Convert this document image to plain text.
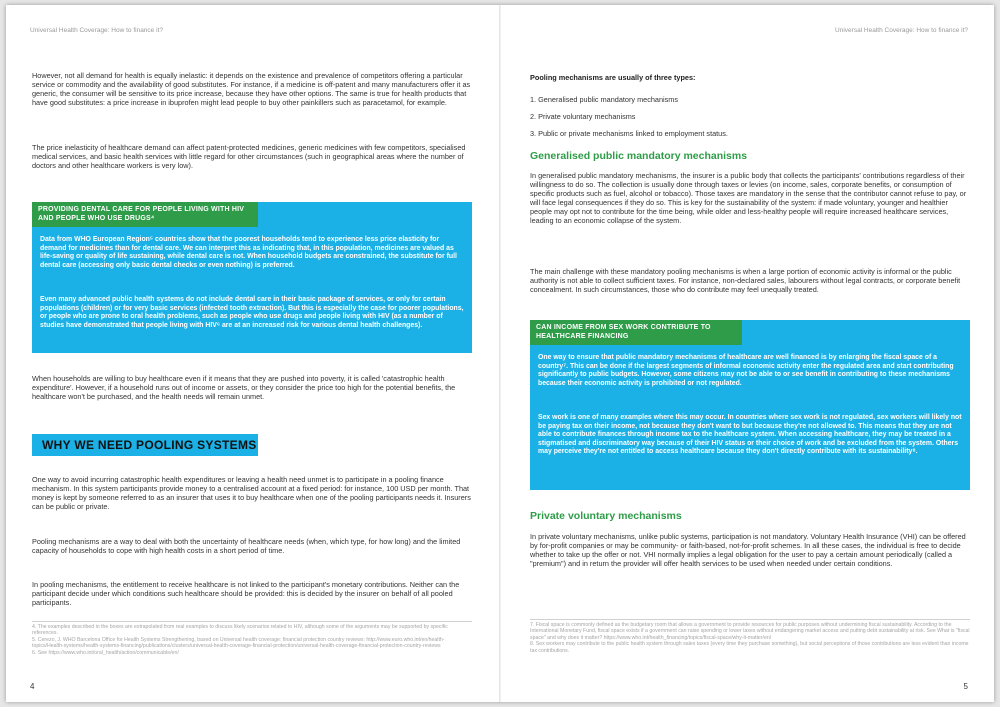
Universal Health Coverage: How to finance it?

However, not all demand for health is equally inelastic: it depends on the existence and prevalence of competitors offering a particular service or commodity and the availability of good substitutes. For instance, if a medicine is off-patent and many manufacturers offer it as generic, the consumer will be sensitive to its price increase, because they have other options. The same is true for health products that have good substitutes: a price increase in ibuprofen might lead people to buy other painkillers such as paracetamol, for example.

The price inelasticity of healthcare demand can affect patent-protected medicines, generic medicines with few competitors, specialised medical services, and basic health services with little regard for other circumstances (such in geographical areas where the number of doctors and other healthcare workers is very low).

PROVIDING DENTAL CARE FOR PEOPLE LIVING WITH HIV AND PEOPLE WHO USE DRUGS⁴

Data from WHO European Region⁵ countries show that the poorest households tend to experience less price elasticity for demand for medicines than for dental care. We can interpret this as indicating that, in this population, medicines are valued as life-saving or quality of life sustaining, while dental care is not. When household budgets are constrained, the substitute for full dental care (accessing only basic dental checks or even nothing) is preferred.

Even many advanced public health systems do not include dental care in their basic package of services, or only for certain populations (children) or for very basic services (infected tooth extraction). But this is especially the case for poorer populations, or people who are prone to oral health problems, such as people who use drugs and people living with HIV (as a number of studies have demonstrated that people living with HIV⁶ are at an increased risk for various dental health challenges).

When households are willing to buy healthcare even if it means that they are pushed into poverty, it is called 'catastrophic health expenditure'. However, if a household runs out of income or assets, or they consider the price too high for the potential benefits, the healthcare won't be purchased, and the health needs will remain unmet.

WHY WE NEED POOLING SYSTEMS

One way to avoid incurring catastrophic health expenditures or leaving a health need unmet is to participate in a pooling finance mechanism. In this system participants provide money to a centralised account at a fixed period: for instance, 100 USD per month. That money is kept by someone referred to as an insurer that uses it to buy healthcare when one of the pooling participants needs it. Insurers can be public or private.

Pooling mechanisms are a way to deal with both the uncertainty of healthcare needs (when, which type, for how long) and the limited capacity of households to cope with high health costs in a short period of time.

In pooling mechanisms, the entitlement to receive healthcare is not linked to the participant's monetary contributions. Neither can the participant decide under which conditions such healthcare should be provided: this is decided by the insurer on behalf of all pooled participants.

4. The examples described in the boxes are extrapolated from real examples to discuss likely scenarios related to HIV, although some of the arguments may be supported by specific references.
5. Cerezo, J. WHO Barcelona Office for Health Systems Strengthening, based on Universal health coverage: financial protection country reviews: http://www.euro.who.int/en/health-topics/Health-systems/health-systems-financing/publications/clusters/universal-health-coverage-financial-protection/universal-health-coverage-financial-protection-country-reviews
6. See https://www.who.int/oral_health/action/communicable/en/

4
Universal Health Coverage: How to finance it?
Pooling mechanisms are usually of three types:
1. Generalised public mandatory mechanisms
2. Private voluntary mechanisms
3. Public or private mechanisms linked to employment status.
Generalised public mandatory mechanisms

In generalised public mandatory mechanisms, the insurer is a public body that collects the participants' contributions regardless of their willingness to do so. The collection is usually done through taxes or levies (on income, sales, corporate benefits, or consumption of specific products such as fuel, alcohol or tobacco). Those taxes are mandatory in the sense that the contributor cannot refuse to pay, or will face legal consequences if they do so. This is key for the sustainability of the system: if made voluntary, younger and healthier people may opt not to contribute for the time being, while older and less-healthy people will require increased healthcare services, leading to an economic collapse of the system.

The main challenge with these mandatory pooling mechanisms is when a large portion of economic activity is informal or the public authority is not able to collect sufficient taxes. For instance, non-declared sales, labourers without legal contracts, or corporate benefit concealment. In such circumstances, those who do contribute may feel unequally treated.

CAN INCOME FROM SEX WORK CONTRIBUTE TO HEALTHCARE FINANCING

One way to ensure that public mandatory mechanisms of healthcare are well financed is by enlarging the fiscal space of a country⁷. This can be done if the largest segments of informal economic activity enter the regulated area and start contributing significantly to public budgets. However, some citizens may not be able to or see benefit in contributing to these mechanisms because their economic activity is prohibited or not regulated.

Sex work is one of many examples where this may occur. In countries where sex work is not regulated, sex workers will likely not be paying tax on their income, not because they don't want to but because they're not allowed to. This means that they are not able to contribute finances through income tax to the healthcare system. When accessing healthcare, they may be treated in a stigmatised and discriminatory way because of their HIV status or their choice of work and be excluded from the system. Others may perceive they're not entitled to access healthcare because they don't directly contribute with its sustainability⁸.

Private voluntary mechanisms

In private voluntary mechanisms, unlike public systems, participation is not mandatory. Voluntary Health Insurance (VHI) can be offered by for-profit companies or may be community- or faith-based, not-for-profit schemes. In all these cases, the individual is free to decide whether to take up the offer or not. VHI normally implies a legal obligation for the user to pay a certain amount periodically (called a "premium") and in return the provider will offer health services to be used when needed under certain conditions.

7. Fiscal space is commonly defined as the budgetary room that allows a government to provide resources for public purposes without undermining fiscal sustainability. According to the International Monetary Fund, fiscal space exists if a government can raise spending or lower taxes without endangering market access and putting debt sustainability at risk. See What is "fiscal space" and why does it matter? https://www.who.int/health_financing/topics/fiscal-space/why-it-matter/en/
8. Sex workers may contribute to the public health system through sales taxes (every time they purchase something), but social perceptions of those contributions are less evident than income tax contributions.

5
